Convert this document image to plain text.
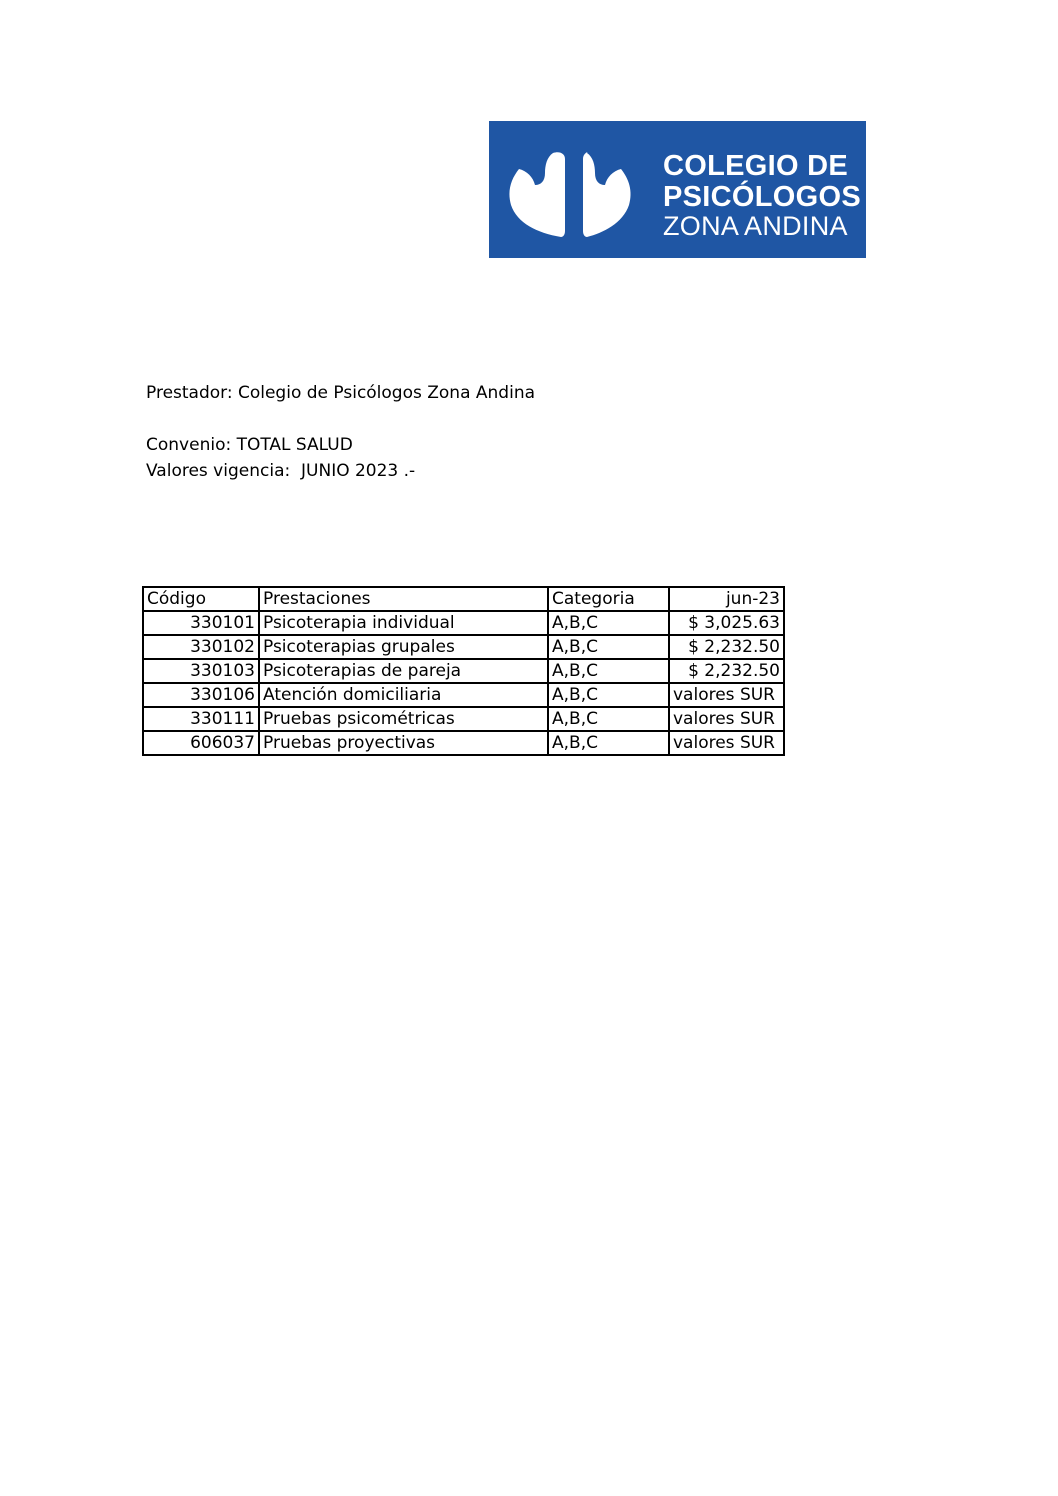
COLEGIO DE
PSICÓLOGOS
ZONA ANDINA
Prestador: Colegio de Psicólogos Zona Andina
Convenio: TOTAL SALUD
Valores vigencia:  JUNIO 2023 .-
Código	Prestaciones	Categoria	jun-23
330101	Psicoterapia individual	A,B,C	$ 3,025.63
330102	Psicoterapias grupales	A,B,C	$ 2,232.50
330103	Psicoterapias de pareja	A,B,C	$ 2,232.50
330106	Atención domiciliaria	A,B,C	valores SUR
330111	Pruebas psicométricas	A,B,C	valores SUR
606037	Pruebas proyectivas	A,B,C	valores SUR
